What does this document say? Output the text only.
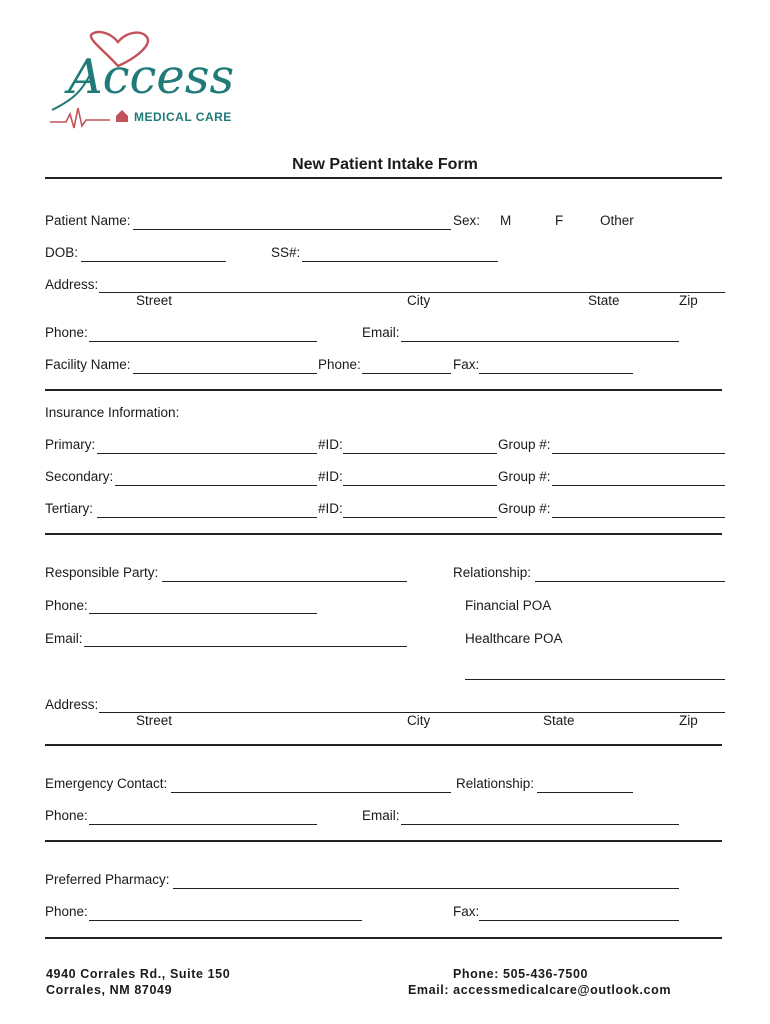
Access
MEDICAL CARE
New Patient Intake Form
Patient Name:	Sex: M	F	Other
DOB:	SS#:
Address:
Street	City	State	Zip
Phone:	Email:
Facility Name:	Phone:	Fax:
Insurance Information:
Primary:	#ID:	Group #:
Secondary:	#ID:	Group #:
Tertiary:	#ID:	Group #:
Responsible Party:	Relationship:
Phone:	Financial POA
Email:	Healthcare POA
Address:
Street	City	State	Zip
Emergency Contact:	Relationship:
Phone:	Email:
Preferred Pharmacy:
Phone:	Fax:
4940 Corrales Rd., Suite 150
Corrales, NM 87049
Phone: 505-436-7500
Email: accessmedicalcare@outlook.com
